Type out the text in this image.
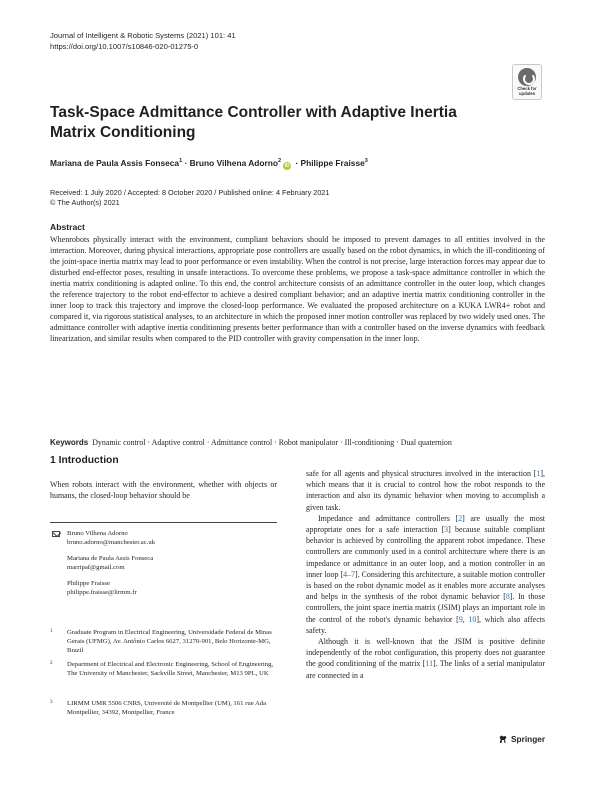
Journal of Intelligent & Robotic Systems (2021) 101: 41
https://doi.org/10.1007/s10846-020-01275-0
Check for
updates
Task-Space Admittance Controller with Adaptive Inertia Matrix Conditioning
Mariana de Paula Assis Fonseca$^1$ · Bruno Vilhena Adorno$^2$iD · Philippe Fraisse$^3$
Received: 1 July 2020 / Accepted: 8 October 2020 / Published online: 4 February 2021
© The Author(s) 2021
Abstract

Whenrobots physically interact with the environment, compliant behaviors should be imposed to prevent damages to all entities involved in the interaction. Moreover, during physical interactions, appropriate pose controllers are usually based on the robot dynamics, in which the ill-conditioning of the joint-space inertia matrix may lead to poor performance or even instability. When the control is not precise, large interaction forces may appear due to disturbed end-effector poses, resulting in unsafe interactions. To overcome these problems, we propose a task-space admittance controller in which the inertia matrix conditioning is adapted online. To this end, the control architecture consists of an admittance controller in the outer loop, which changes the reference trajectory to the robot end-effector to achieve a desired compliant behavior; and an adaptive inertia matrix conditioning controller in the inner loop to track this trajectory and improve the closed-loop performance. We evaluated the proposed architecture on a KUKA LWR4+ robot and compared it, via rigorous statistical analyses, to an architecture in which the proposed inner motion controller was replaced by two widely used ones. The admittance controller with adaptive inertia conditioning presents better performance than with a controller based on the inverse dynamics with feedback linearization, and similar results when compared to the PID controller with gravity compensation in the inner loop.

Keywords Dynamic control · Adaptive control · Admittance control · Robot manipulator · Ill-conditioning · Dual quaternion
1 Introduction

When robots interact with the environment, whether with objects or humans, the closed-loop behavior should be

Bruno Vilhena Adorno
bruno.adorno@manchester.ac.uk
Mariana de Paula Assis Fonseca
marripaf@gmail.com
Philippe Fraisse
philippe.fraisse@lirmm.fr
1 Graduate Program in Electrical Engineering, Universidade Federal de Minas Gerais (UFMG), Av. Antônio Carlos 6627, 31270-901, Belo Horizonte-MG, Brazil
2 Department of Electrical and Electronic Engineering, School of Engineering, The University of Manchester, Sackville Street, Manchester, M13 9PL, UK
3 LIRMM UMR 5506 CNRS, Université de Montpellier (UM), 161 rue Ada Montpellier, 34392, Montpellier, France

safe for all agents and physical structures involved in the interaction [1], which means that it is crucial to control how the robot responds to the interaction and also its dynamic behavior when moving to accomplish a given task.

Impedance and admittance controllers [2] are usually the most appropriate ones for a safe interaction [3] because suitable compliant behavior is achieved by controlling the apparent robot impedance. These controllers are commonly used in a control architecture where there is an impedance or admittance in an outer loop, and a motion controller in an inner loop [4–7]. Considering this architecture, a suitable motion controller is based on the robot dynamic model as it enables more accurate analyses and helps in the synthesis of the robot dynamic behavior [8]. In those controllers, the joint space inertia matrix (JSIM) plays an important role in the control of the robot's dynamic behavior [9, 10], which also affects safety.

Although it is well-known that the JSIM is positive definite independently of the robot configuration, this property does not guarantee the good conditioning of the matrix [11]. The links of a serial manipulator are connected in a

Springer
